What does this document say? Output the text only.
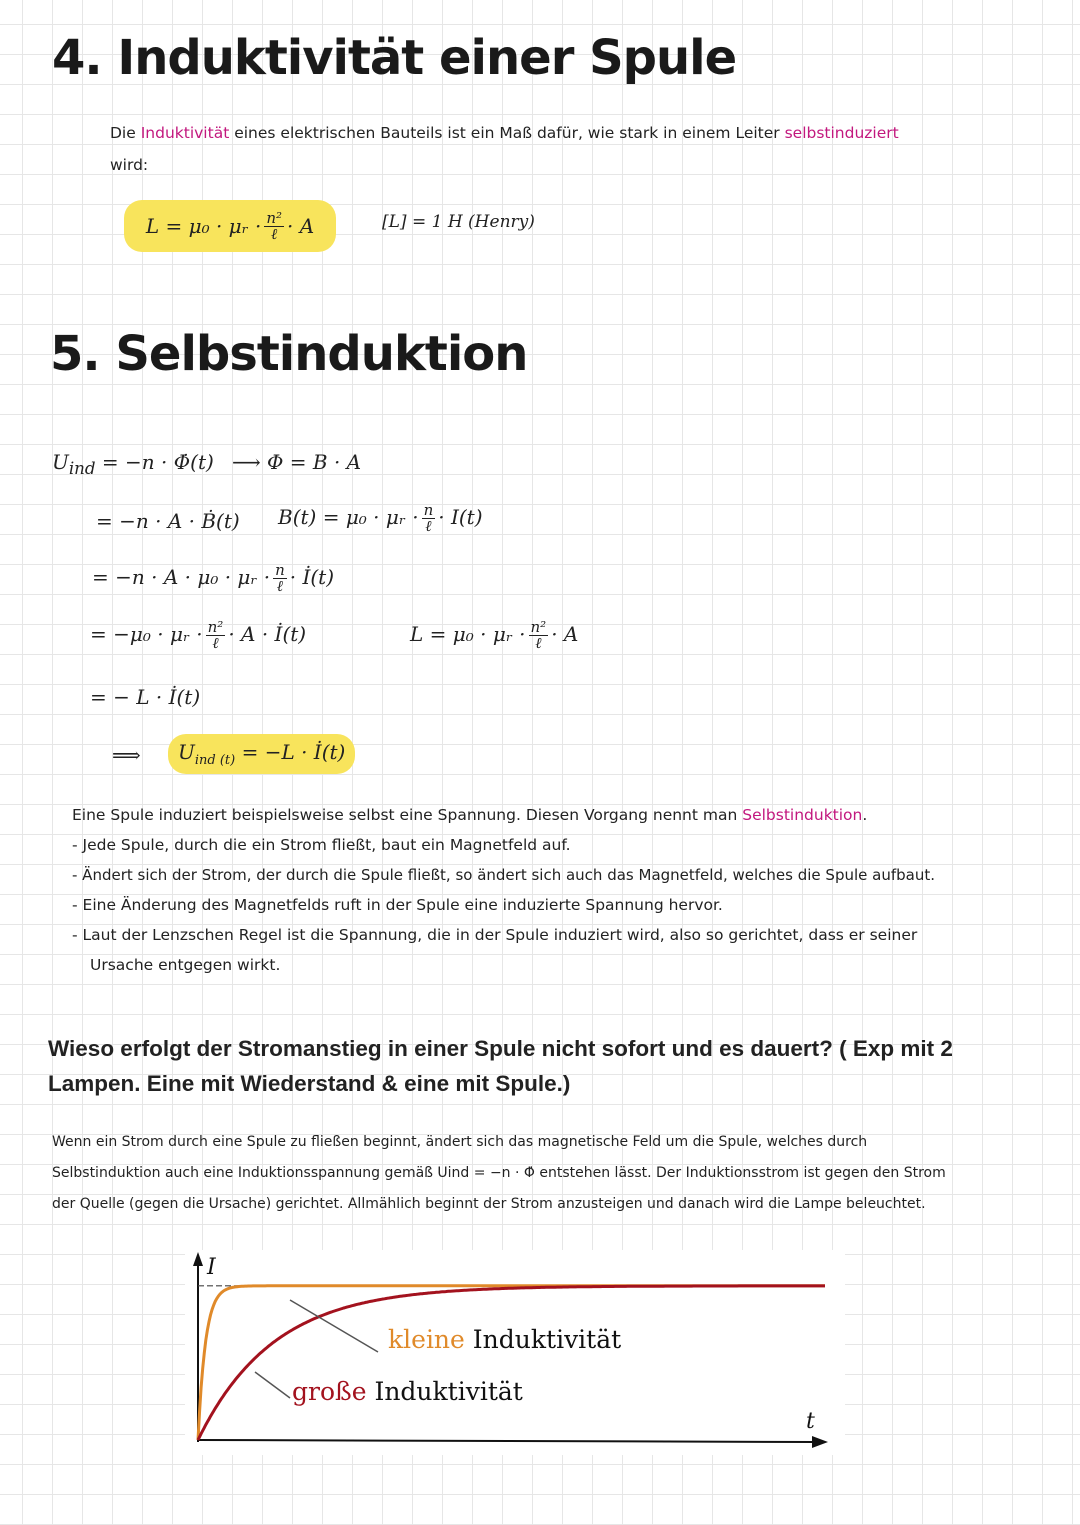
4. Induktivität einer Spule
Die Induktivität eines elektrischen Bauteils ist ein Maß dafür, wie stark in einem Leiter selbstinduziert
wird:
L = μ₀ · μᵣ · $\frac{\text{n²}}{\text{ℓ}} \cdot A$	[L] = 1 H (Henry)
5. Selbstinduktion
$U_{ind} = -n$ · Φ̇(t) ⟶ Φ = B · A
= −n · A · Ḃ(t) B(t) = μ₀ · μᵣ · $\frac{n}{\text{ℓ}} \cdot I(t)$
= −n · A · μ₀ · μᵣ · $\frac{n}{\text{ℓ}}$ · İ(t)
= −μ₀ · μᵣ · $\frac{\text{n²}}{\text{ℓ}} \cdot A$ · İ(t)	L = μ₀ · μᵣ · $\frac{\text{n²}}{\text{ℓ}} \cdot A$
= − L · İ(t)
⟹	$U_{ind (t)} = -L$ · İ(t)
Eine Spule induziert beispielsweise selbst eine Spannung. Diesen Vorgang nennt man Selbstinduktion.
- Jede Spule, durch die ein Strom fließt, baut ein Magnetfeld auf.
- Ändert sich der Strom, der durch die Spule fließt, so ändert sich auch das Magnetfeld, welches die Spule aufbaut.
- Eine Änderung des Magnetfelds ruft in der Spule eine induzierte Spannung hervor.
- Laut der Lenzschen Regel ist die Spannung, die in der Spule induziert wird, also so gerichtet, dass er seiner
Ursache entgegen wirkt.
Wieso erfolgt der Stromanstieg in einer Spule nicht sofort und es dauert? ( Exp mit 2
Lampen. Eine mit Wiederstand & eine mit Spule.)
Wenn ein Strom durch eine Spule zu fließen beginnt, ändert sich das magnetische Feld um die Spule, welches durch
Selbstinduktion auch eine Induktionsspannung gemäß Uind = −n · Φ̇ entstehen lässt. Der Induktionsstrom ist gegen den Strom
der Quelle (gegen die Ursache) gerichtet. Allmählich beginnt der Strom anzusteigen und danach wird die Lampe beleuchtet.
I
t
kleine Induktivität
große Induktivität
